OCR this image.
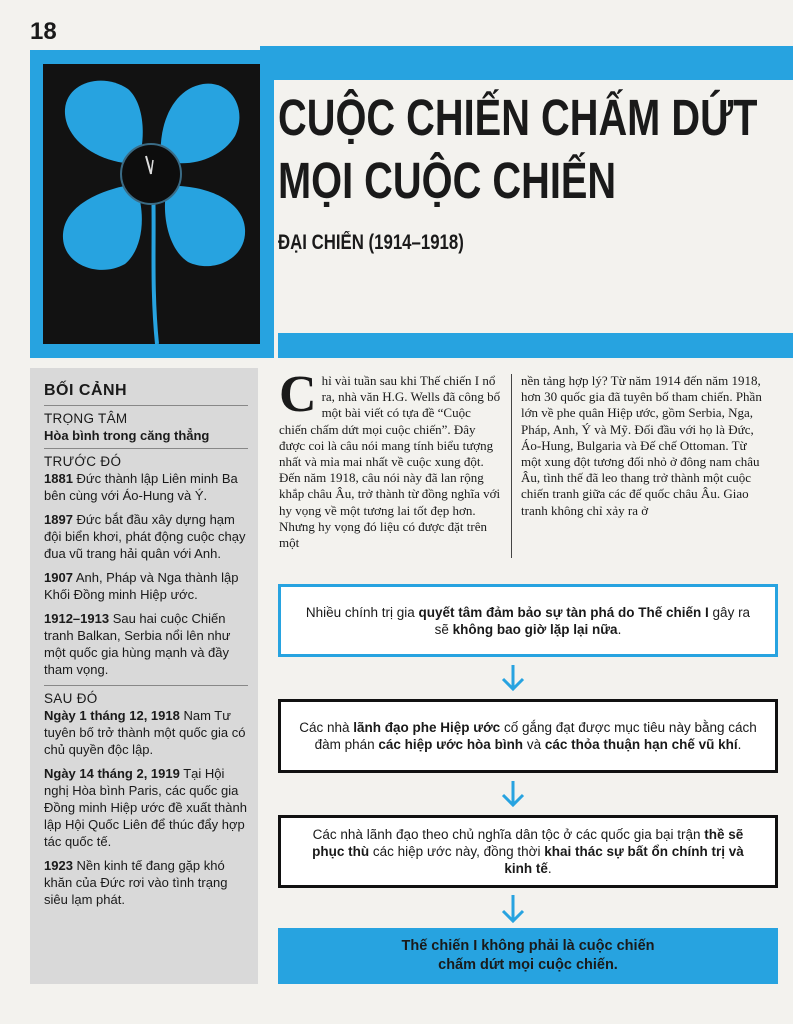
18
CUỘC CHIẾN CHẤM DỨT
MỌI CUỘC CHIẾN
ĐẠI CHIẾN (1914–1918)
BỐI CẢNH
TRỌNG TÂM
Hòa bình trong căng thẳng
TRƯỚC ĐÓ
1881 Đức thành lập Liên minh Ba bên cùng với Áo-Hung và Ý.
1897 Đức bắt đầu xây dựng hạm đội biển khơi, phát động cuộc chạy đua vũ trang hải quân với Anh.
1907 Anh, Pháp và Nga thành lập Khối Đồng minh Hiệp ước.
1912–1913 Sau hai cuộc Chiến tranh Balkan, Serbia nổi lên như một quốc gia hùng mạnh và đầy tham vọng.
SAU ĐÓ
Ngày 1 tháng 12, 1918 Nam Tư tuyên bố trở thành một quốc gia có chủ quyền độc lập.
Ngày 14 tháng 2, 1919 Tại Hội nghị Hòa bình Paris, các quốc gia Đồng minh Hiệp ước đề xuất thành lập Hội Quốc Liên để thúc đẩy hợp tác quốc tế.
1923 Nền kinh tế đang gặp khó khăn của Đức rơi vào tình trạng siêu lạm phát.
Chỉ vài tuần sau khi Thế chiến I nổ ra, nhà văn H.G. Wells đã công bố một bài viết có tựa đề “Cuộc chiến chấm dứt mọi cuộc chiến”. Đây được coi là câu nói mang tính biểu tượng nhất và mỉa mai nhất về cuộc xung đột. Đến năm 1918, câu nói này đã lan rộng khắp châu Âu, trở thành từ đồng nghĩa với hy vọng về một tương lai tốt đẹp hơn. Nhưng hy vọng đó liệu có được đặt trên một
nền tảng hợp lý? Từ năm 1914 đến năm 1918, hơn 30 quốc gia đã tuyên bố tham chiến. Phần lớn về phe quân Hiệp ước, gồm Serbia, Nga, Pháp, Anh, Ý và Mỹ. Đối đầu với họ là Đức, Áo-Hung, Bulgaria và Đế chế Ottoman. Từ một xung đột tương đối nhỏ ở đông nam châu Âu, tình thế đã leo thang trở thành một cuộc chiến tranh giữa các đế quốc châu Âu. Giao tranh không chỉ xảy ra ở
Nhiều chính trị gia quyết tâm đảm bảo sự tàn phá do Thế chiến I gây ra sẽ không bao giờ lặp lại nữa.
Các nhà lãnh đạo phe Hiệp ước cố gắng đạt được mục tiêu này bằng cách đàm phán các hiệp ước hòa bình và các thỏa thuận hạn chế vũ khí.
Các nhà lãnh đạo theo chủ nghĩa dân tộc ở các quốc gia bại trận thề sẽ phục thù các hiệp ước này, đồng thời khai thác sự bất ổn chính trị và kinh tế.
Thế chiến I không phải là cuộc chiến chấm dứt mọi cuộc chiến.
